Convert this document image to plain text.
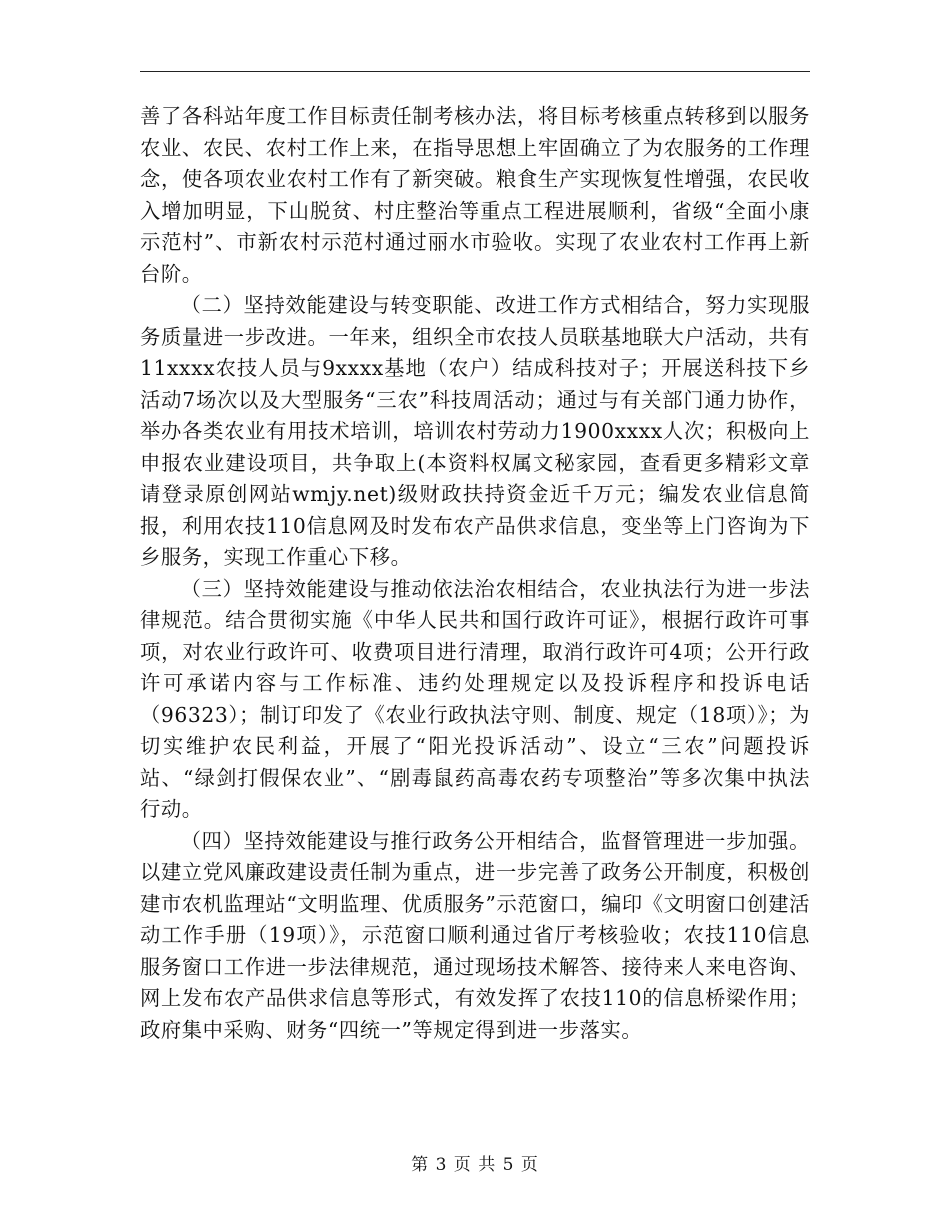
善了各科站年度工作目标责任制考核办法，将目标考核重点转移到以服务农业、农民、农村工作上来，在指导思想上牢固确立了为农服务的工作理念，使各项农业农村工作有了新突破。粮食生产实现恢复性增强，农民收入增加明显，下山脱贫、村庄整治等重点工程进展顺利，省级“全面小康示范村”、市新农村示范村通过丽水市验收。实现了农业农村工作再上新台阶。

（二）坚持效能建设与转变职能、改进工作方式相结合，努力实现服务质量进一步改进。一年来，组织全市农技人员联基地联大户活动，共有11xxxx农技人员与9xxxx基地（农户）结成科技对子；开展送科技下乡活动7场次以及大型服务“三农”科技周活动；通过与有关部门通力协作，举办各类农业有用技术培训，培训农村劳动力1900xxxx人次；积极向上申报农业建设项目，共争取上(本资料权属文秘家园，查看更多精彩文章请登录原创网站wmjy.net)级财政扶持资金近千万元；编发农业信息简报，利用农技110信息网及时发布农产品供求信息，变坐等上门咨询为下乡服务，实现工作重心下移。

（三）坚持效能建设与推动依法治农相结合，农业执法行为进一步法律规范。结合贯彻实施《中华人民共和国行政许可证》，根据行政许可事项，对农业行政许可、收费项目进行清理，取消行政许可4项；公开行政许可承诺内容与工作标准、违约处理规定以及投诉程序和投诉电话（96323）；制订印发了《农业行政执法守则、制度、规定（18项）》；为切实维护农民利益，开展了“阳光投诉活动”、设立“三农”问题投诉站、“绿剑打假保农业”、“剧毒鼠药高毒农药专项整治”等多次集中执法行动。

（四）坚持效能建设与推行政务公开相结合，监督管理进一步加强。以建立党风廉政建设责任制为重点，进一步完善了政务公开制度，积极创建市农机监理站“文明监理、优质服务”示范窗口，编印《文明窗口创建活动工作手册（19项）》，示范窗口顺利通过省厅考核验收；农技110信息服务窗口工作进一步法律规范，通过现场技术解答、接待来人来电咨询、网上发布农产品供求信息等形式，有效发挥了农技110的信息桥梁作用；政府集中采购、财务“四统一”等规定得到进一步落实。

第 3 页 共 5 页
